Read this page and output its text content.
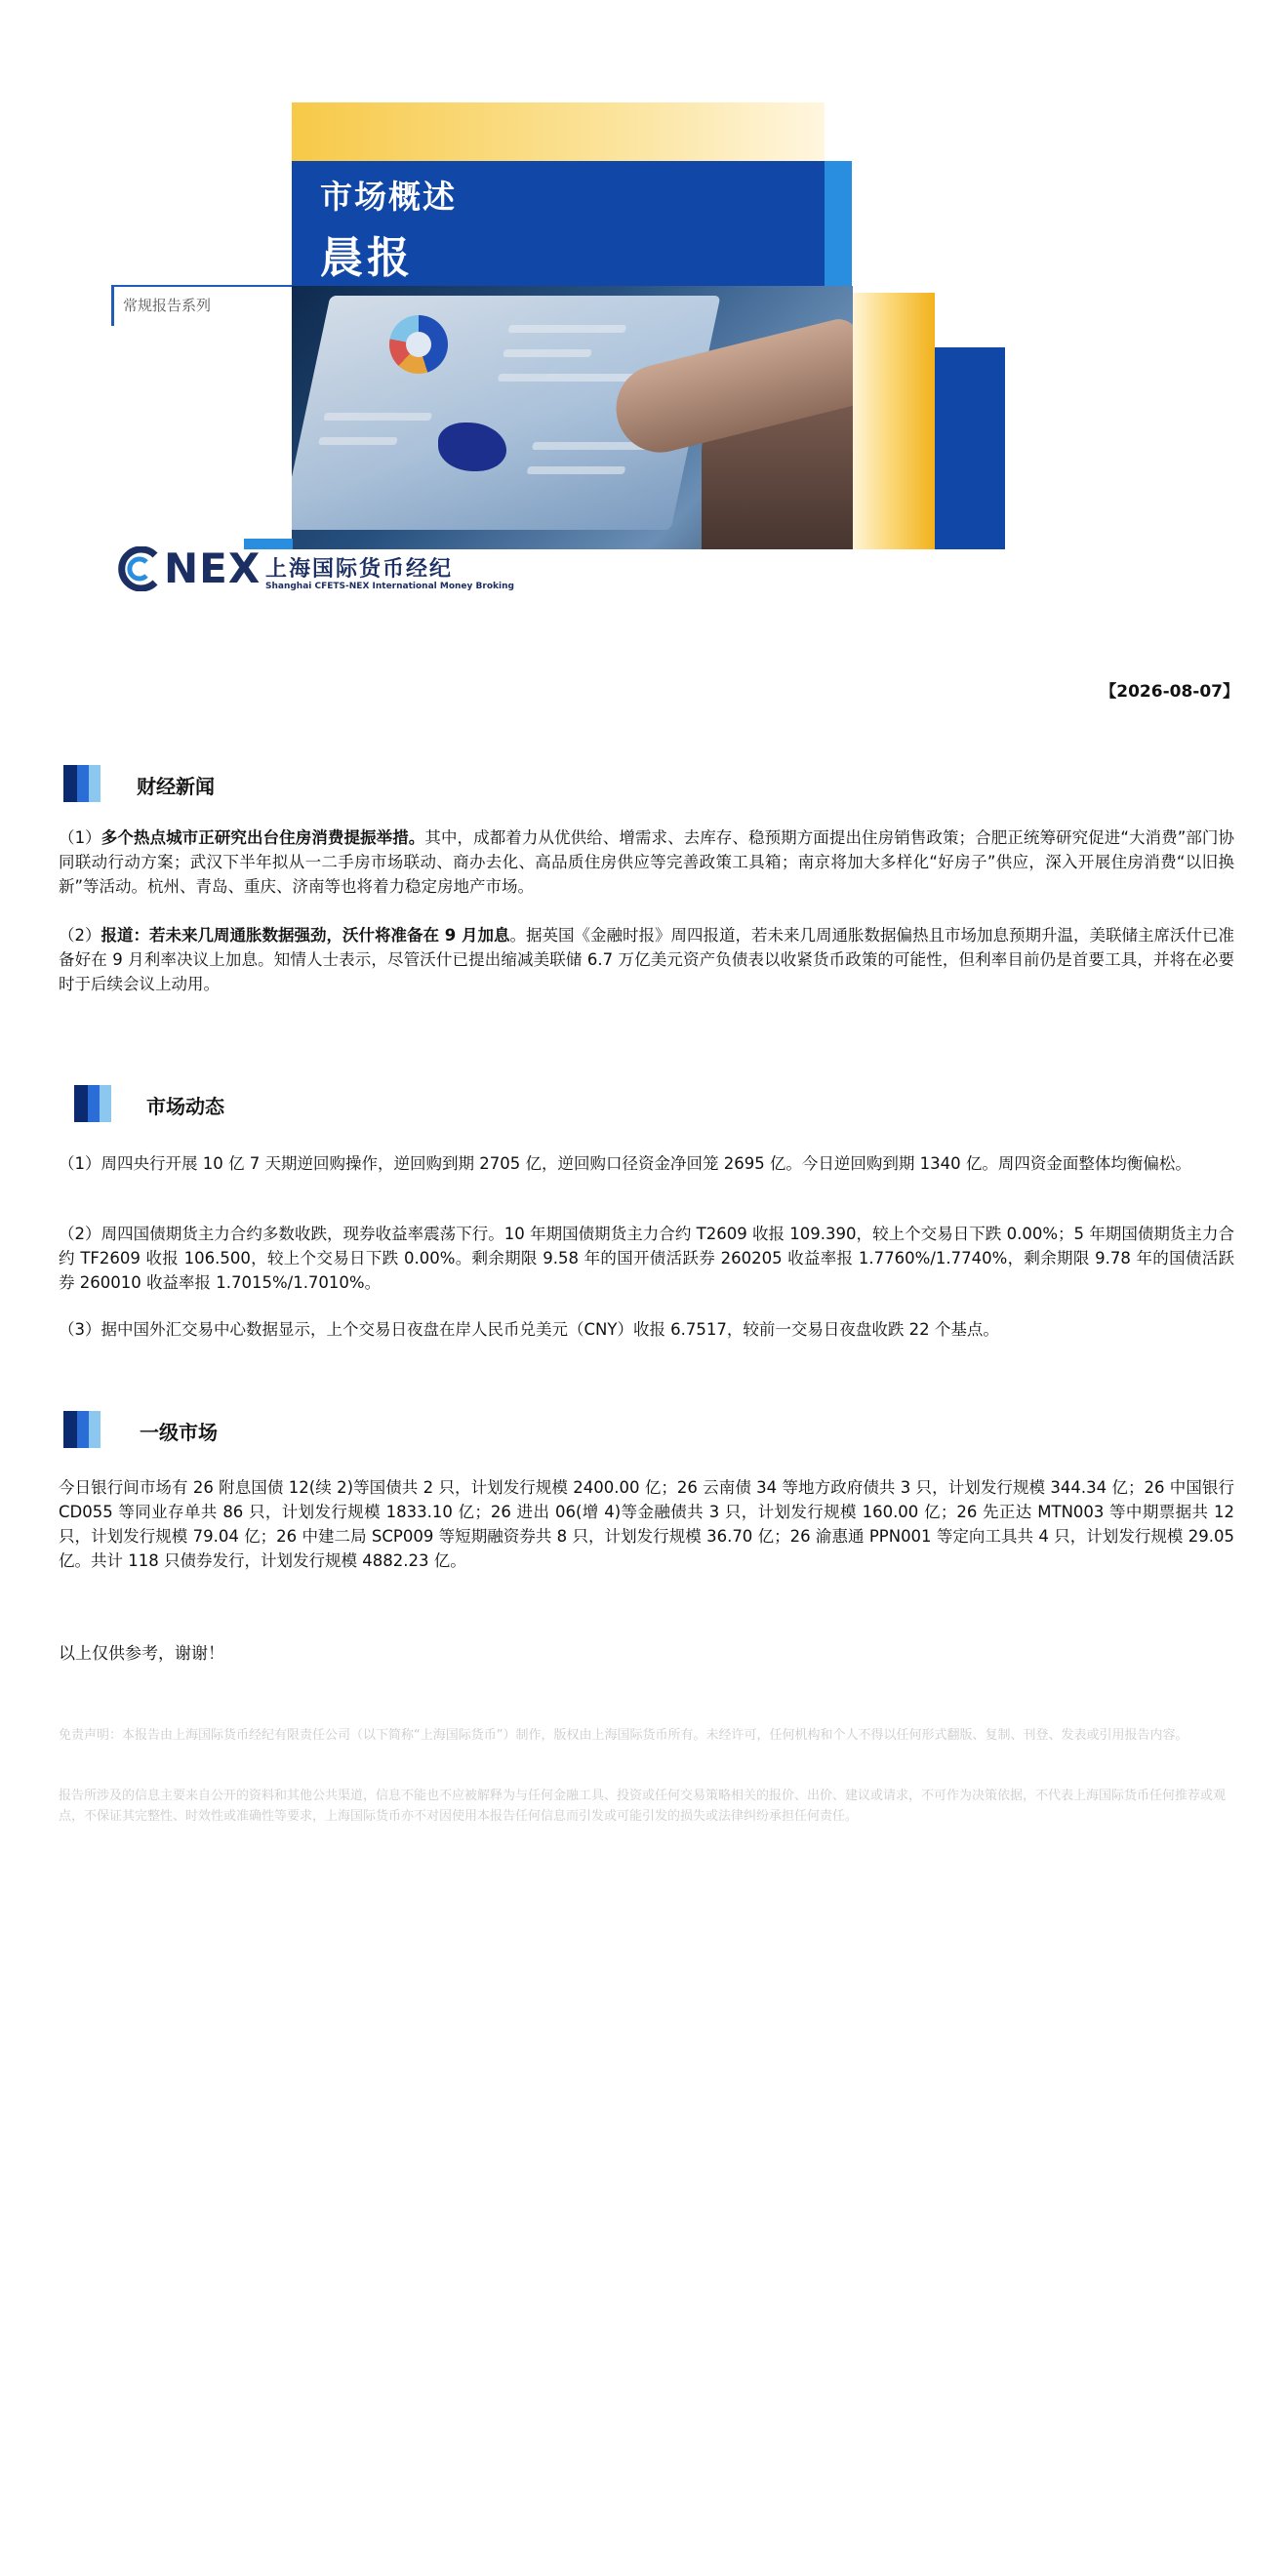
市场概述
晨报
常规报告系列
NEX 上海国际货币经纪
Shanghai CFETS-NEX International Money Broking
【2026-08-07】
财经新闻
（1）多个热点城市正研究出台住房消费提振举措。其中，成都着力从优供给、增需求、去库存、稳预期方面提出住房销售政策；合肥正统筹研究促进“大消费”部门协同联动行动方案；武汉下半年拟从一二手房市场联动、商办去化、高品质住房供应等完善政策工具箱；南京将加大多样化“好房子”供应，深入开展住房消费“以旧换新”等活动。杭州、青岛、重庆、济南等也将着力稳定房地产市场。
（2）报道：若未来几周通胀数据强劲，沃什将准备在 9 月加息。据英国《金融时报》周四报道，若未来几周通胀数据偏热且市场加息预期升温，美联储主席沃什已准备好在 9 月利率决议上加息。知情人士表示，尽管沃什已提出缩减美联储 6.7 万亿美元资产负债表以收紧货币政策的可能性，但利率目前仍是首要工具，并将在必要时于后续会议上动用。
市场动态
（1）周四央行开展 10 亿 7 天期逆回购操作，逆回购到期 2705 亿，逆回购口径资金净回笼 2695 亿。今日逆回购到期 1340 亿。周四资金面整体均衡偏松。
（2）周四国债期货主力合约多数收跌，现券收益率震荡下行。10 年期国债期货主力合约 T2609 收报 109.390，较上个交易日下跌 0.00%；5 年期国债期货主力合约 TF2609 收报 106.500，较上个交易日下跌 0.00%。剩余期限 9.58 年的国开债活跃券 260205 收益率报 1.7760%/1.7740%，剩余期限 9.78 年的国债活跃券 260010 收益率报 1.7015%/1.7010%。
（3）据中国外汇交易中心数据显示，上个交易日夜盘在岸人民币兑美元（CNY）收报 6.7517，较前一交易日夜盘收跌 22 个基点。
一级市场
今日银行间市场有 26 附息国债 12(续 2)等国债共 2 只，计划发行规模 2400.00 亿；26 云南债 34 等地方政府债共 3 只，计划发行规模 344.34 亿；26 中国银行 CD055 等同业存单共 86 只，计划发行规模 1833.10 亿；26 进出 06(增 4)等金融债共 3 只，计划发行规模 160.00 亿；26 先正达 MTN003 等中期票据共 12 只，计划发行规模 79.04 亿；26 中建二局 SCP009 等短期融资券共 8 只，计划发行规模 36.70 亿；26 渝惠通 PPN001 等定向工具共 4 只，计划发行规模 29.05 亿。共计 118 只债券发行，计划发行规模 4882.23 亿。
以上仅供参考，谢谢！
免责声明：本报告由上海国际货币经纪有限责任公司（以下简称“上海国际货币”）制作，版权由上海国际货币所有。未经许可，任何机构和个人不得以任何形式翻版、复制、刊登、发表或引用报告内容。
报告所涉及的信息主要来自公开的资料和其他公共渠道，信息不能也不应被解释为与任何金融工具、投资或任何交易策略相关的报价、出价、建议或请求，不可作为决策依据，不代表上海国际货币任何推荐或观点，不保证其完整性、时效性或准确性等要求，上海国际货币亦不对因使用本报告任何信息而引发或可能引发的损失或法律纠纷承担任何责任。
